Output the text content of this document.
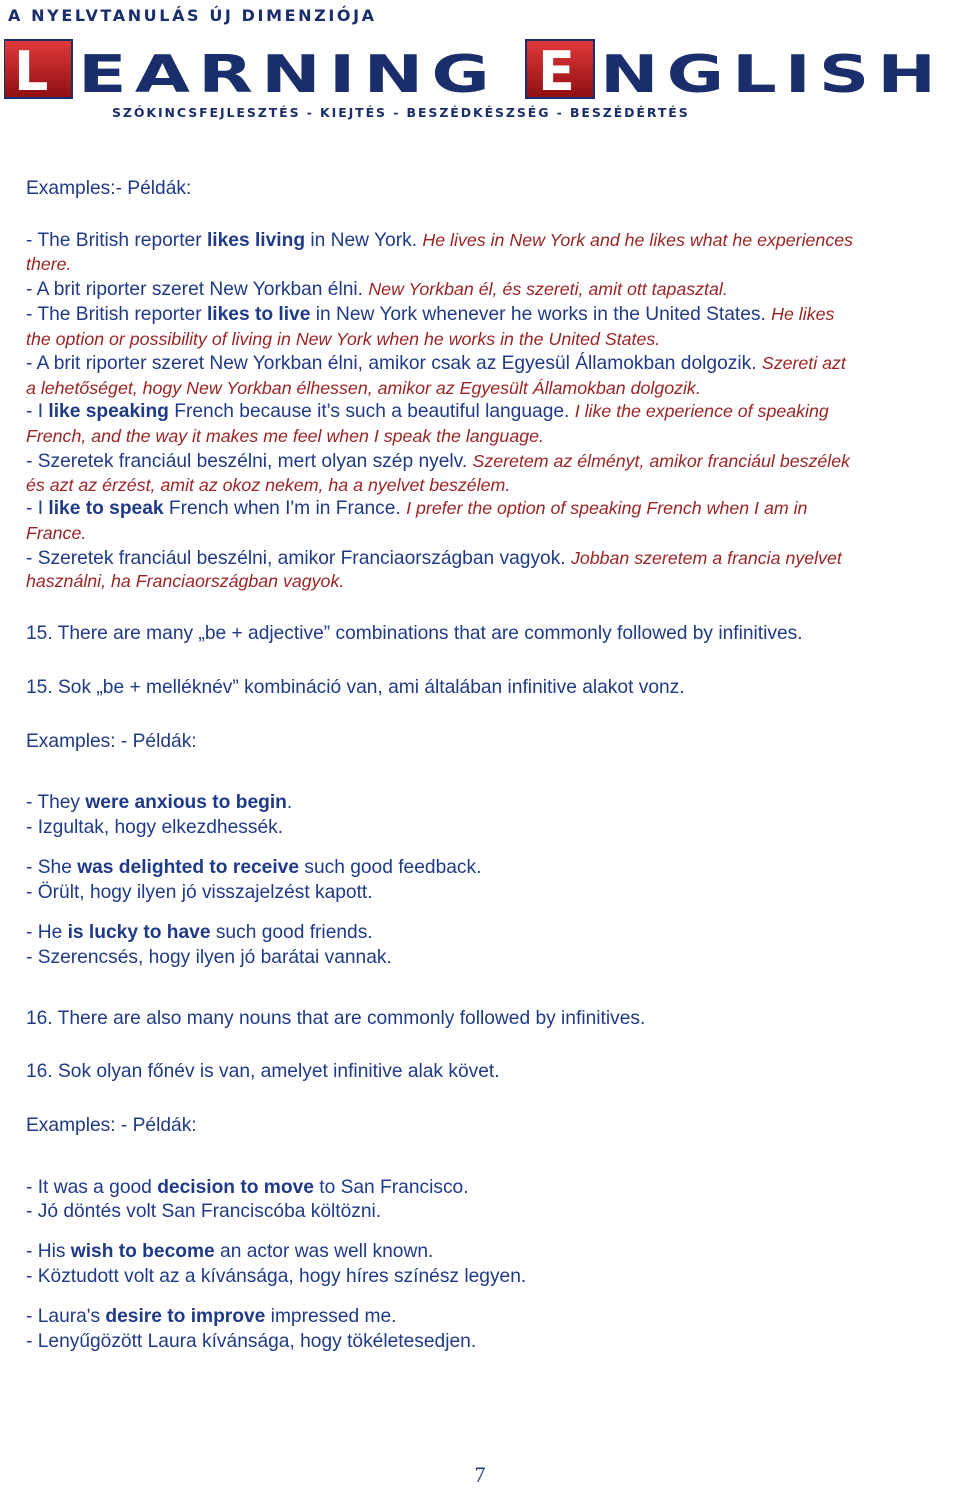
A NYELVTANULÁS ÚJ DIMENZIÓJA
L EARNING E NGLISH
SZÓKINCSFEJLESZTÉS - KIEJTÉS - BESZÉDKÉSZSÉG - BESZÉDÉRTÉS
Examples:- Példák:
- The British reporter likes living in New York. He lives in New York and he likes what he experiences
there.
- A brit riporter szeret New Yorkban élni. New Yorkban él, és szereti, amit ott tapasztal.
- The British reporter likes to live in New York whenever he works in the United States. He likes
the option or possibility of living in New York when he works in the United States.
- A brit riporter szeret New Yorkban élni, amikor csak az Egyesül Államokban dolgozik. Szereti azt
a lehetőséget, hogy New Yorkban élhessen, amikor az Egyesült Államokban dolgozik.
- I like speaking French because it's such a beautiful language. I like the experience of speaking
French, and the way it makes me feel when I speak the language.
- Szeretek franciául beszélni, mert olyan szép nyelv. Szeretem az élményt, amikor franciául beszélek
és azt az érzést, amit az okoz nekem, ha a nyelvet beszélem.
- I like to speak French when I'm in France. I prefer the option of speaking French when I am in
France.
- Szeretek franciául beszélni, amikor Franciaországban vagyok. Jobban szeretem a francia nyelvet
használni, ha Franciaországban vagyok.
15. There are many „be + adjective” combinations that are commonly followed by infinitives.
15. Sok „be + melléknév” kombináció van, ami általában infinitive alakot vonz.
Examples: - Példák:
- They were anxious to begin.
- Izgultak, hogy elkezdhessék.
- She was delighted to receive such good feedback.
- Örült, hogy ilyen jó visszajelzést kapott.
- He is lucky to have such good friends.
- Szerencsés, hogy ilyen jó barátai vannak.
16. There are also many nouns that are commonly followed by infinitives.
16. Sok olyan főnév is van, amelyet infinitive alak követ.
Examples: - Példák:
- It was a good decision to move to San Francisco.
- Jó döntés volt San Franciscóba költözni.
- His wish to become an actor was well known.
- Köztudott volt az a kívánsága, hogy híres színész legyen.
- Laura's desire to improve impressed me.
- Lenyűgözött Laura kívánsága, hogy tökéletesedjen.
7
